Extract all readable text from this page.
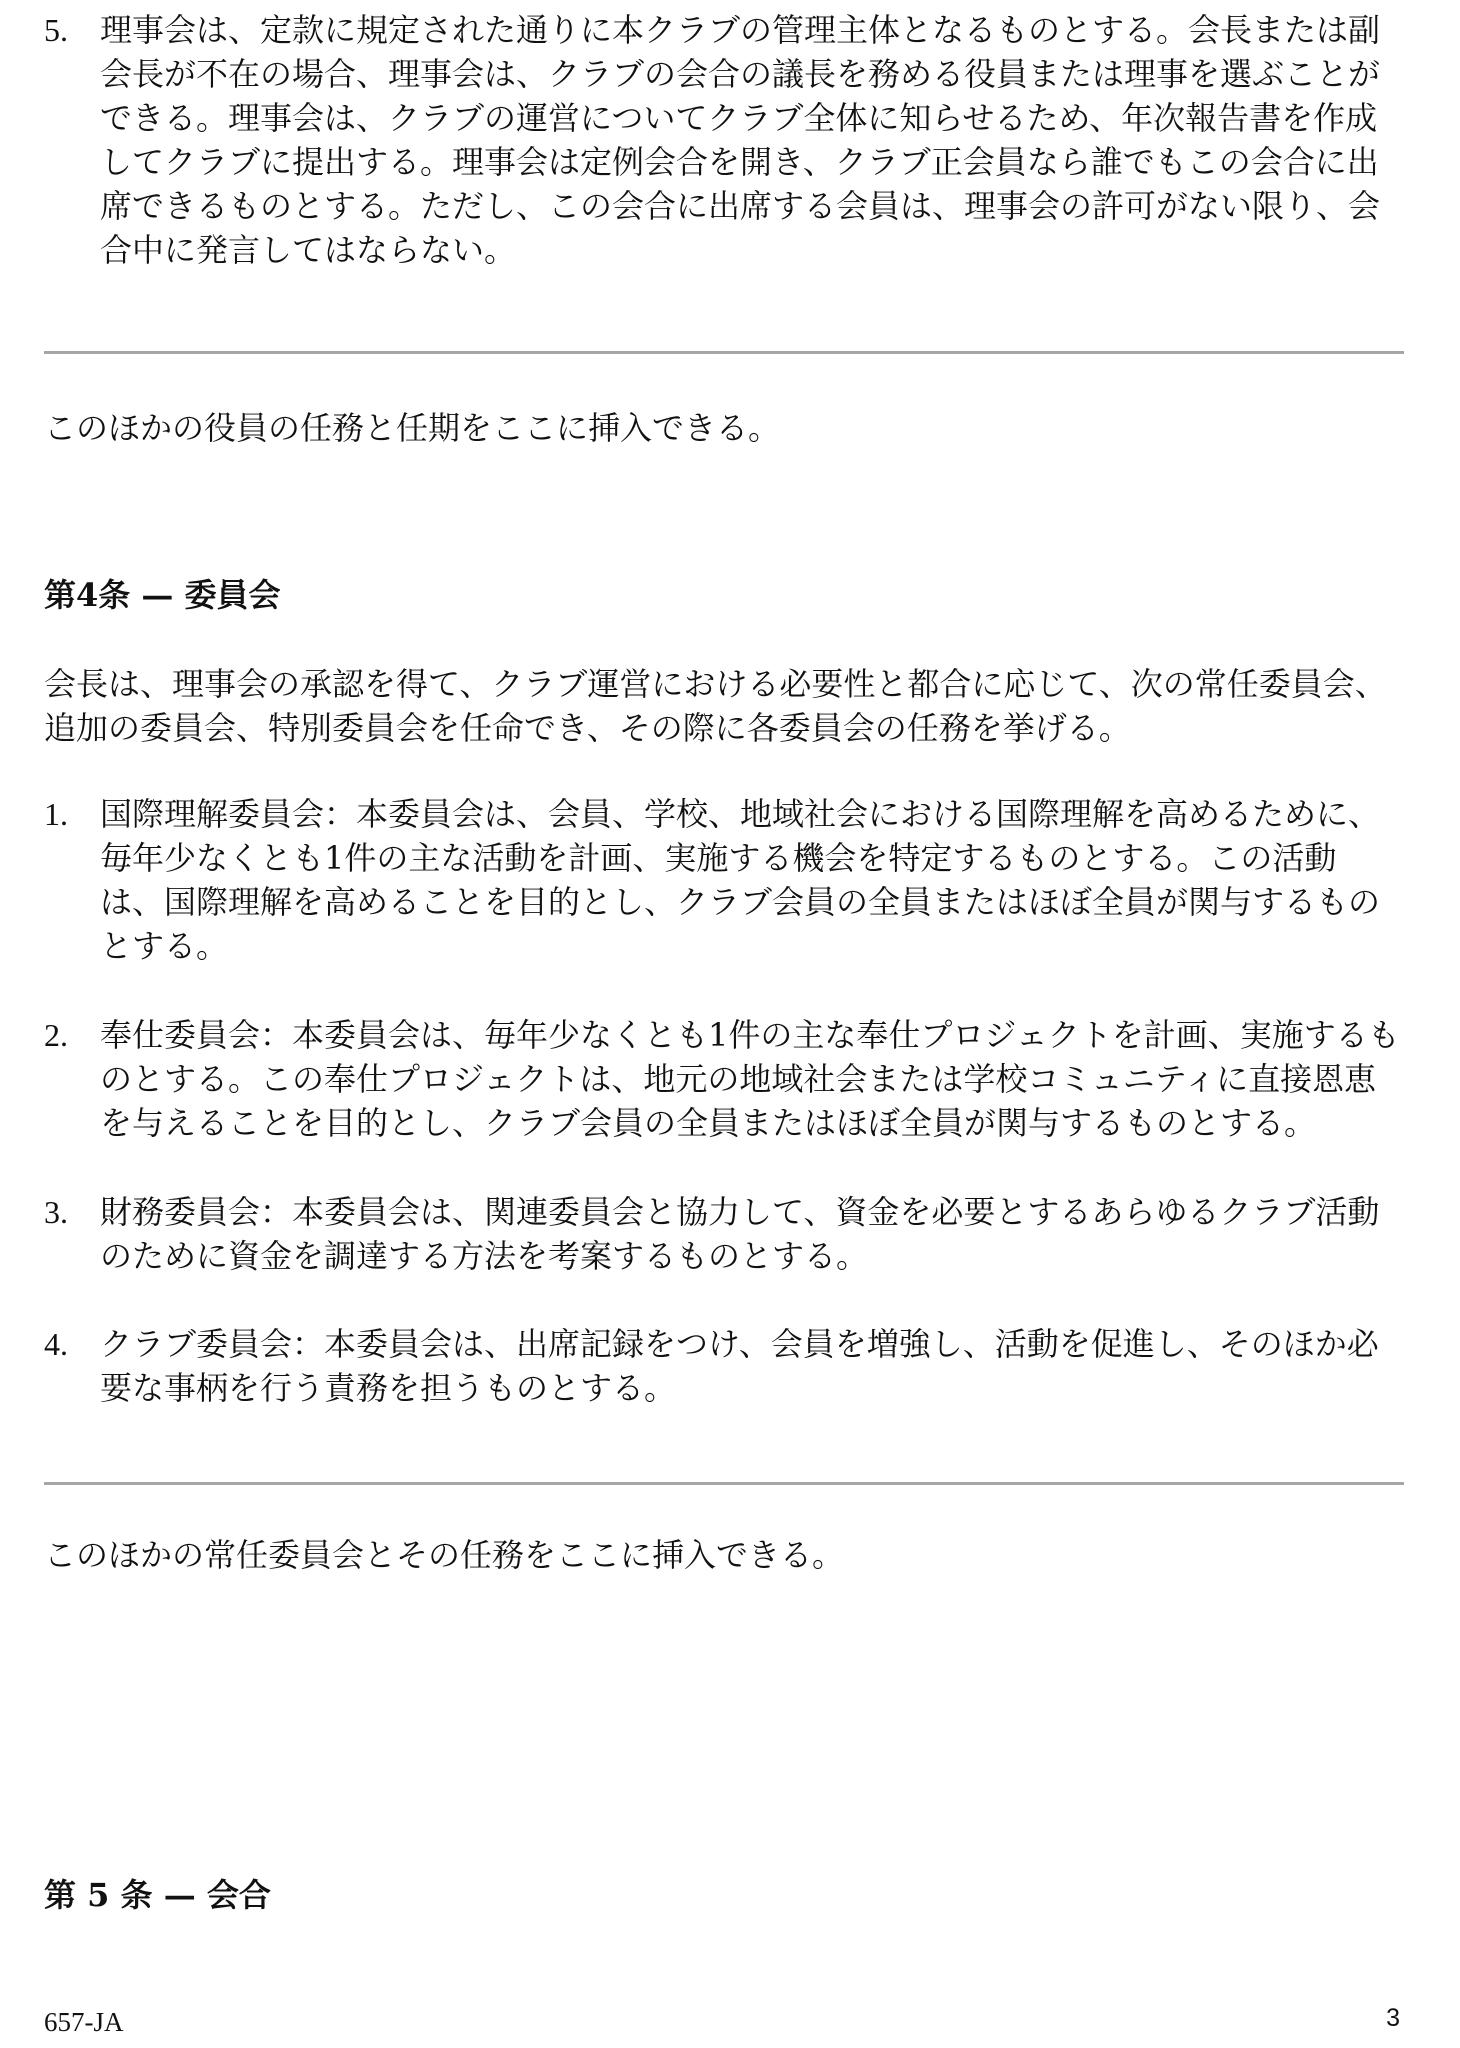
5.	理事会は、定款に規定された通りに本クラブの管理主体となるものとする。会長または副会長が不在の場合、理事会は、クラブの会合の議長を務める役員または理事を選ぶことができる。理事会は、クラブの運営についてクラブ全体に知らせるため、年次報告書を作成してクラブに提出する。理事会は定例会合を開き、クラブ正会員なら誰でもこの会合に出席できるものとする。ただし、この会合に出席する会員は、理事会の許可がない限り、会合中に発言してはならない。
このほかの役員の任務と任期をここに挿入できる。
第4条 — 委員会
会長は、理事会の承認を得て、クラブ運営における必要性と都合に応じて、次の常任委員会、追加の委員会、特別委員会を任命でき、その際に各委員会の任務を挙げる。
1.	国際理解委員会：本委員会は、会員、学校、地域社会における国際理解を高めるために、毎年少なくとも1件の主な活動を計画、実施する機会を特定するものとする。この活動は、国際理解を高めることを目的とし、クラブ会員の全員またはほぼ全員が関与するものとする。
2.	奉仕委員会：本委員会は、毎年少なくとも1件の主な奉仕プロジェクトを計画、実施するものとする。この奉仕プロジェクトは、地元の地域社会または学校コミュニティに直接恩恵を与えることを目的とし、クラブ会員の全員またはほぼ全員が関与するものとする。
3.	財務委員会：本委員会は、関連委員会と協力して、資金を必要とするあらゆるクラブ活動のために資金を調達する方法を考案するものとする。
4.	クラブ委員会：本委員会は、出席記録をつけ、会員を増強し、活動を促進し、そのほか必要な事柄を行う責務を担うものとする。
このほかの常任委員会とその任務をここに挿入できる。
第 5 条 — 会合
657-JA	3
